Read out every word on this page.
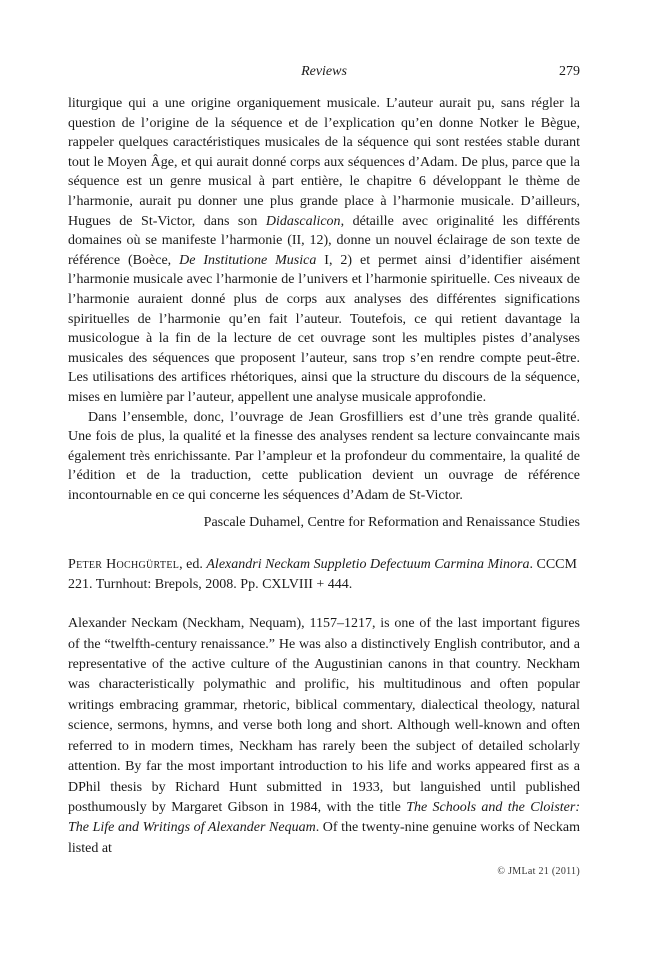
Reviews	279

liturgique qui a une origine organiquement musicale. L’auteur aurait pu, sans régler la question de l’origine de la séquence et de l’explication qu’en donne Notker le Bègue, rappeler quelques caractéristiques musicales de la séquence qui sont restées stable durant tout le Moyen Âge, et qui aurait donné corps aux séquences d’Adam. De plus, parce que la séquence est un genre musical à part entière, le chapitre 6 développant le thème de l’harmonie, aurait pu donner une plus grande place à l’harmonie musicale. D’ailleurs, Hugues de St-Victor, dans son Didascalicon, détaille avec originalité les différents domaines où se manifeste l’harmonie (II, 12), donne un nouvel éclairage de son texte de référence (Boèce, De Institutione Musica I, 2) et permet ainsi d’identifier aisément l’harmonie musicale avec l’harmonie de l’univers et l’harmonie spirituelle. Ces niveaux de l’harmonie auraient donné plus de corps aux analyses des différentes significations spirituelles de l’harmonie qu’en fait l’auteur. Toutefois, ce qui retient davantage la musicologue à la fin de la lecture de cet ouvrage sont les multiples pistes d’analyses musicales des séquences que proposent l’auteur, sans trop s’en rendre compte peut-être. Les utilisations des artifices rhétoriques, ainsi que la structure du discours de la séquence, mises en lumière par l’auteur, appellent une analyse musicale approfondie.

Dans l’ensemble, donc, l’ouvrage de Jean Grosfilliers est d’une très grande qualité. Une fois de plus, la qualité et la finesse des analyses rendent sa lecture convaincante mais également très enrichissante. Par l’ampleur et la profondeur du commentaire, la qualité de l’édition et de la traduction, cette publication devient un ouvrage de référence incontournable en ce qui concerne les séquences d’Adam de St-Victor.

Pascale Duhamel, Centre for Reformation and Renaissance Studies

Peter Hochgürtel, ed. Alexandri Neckam Suppletio Defectuum Carmina Minora. CCCM 221. Turnhout: Brepols, 2008. Pp. CXLVIII + 444.

Alexander Neckam (Neckham, Nequam), 1157–1217, is one of the last important figures of the “twelfth-century renaissance.” He was also a distinctively English contributor, and a representative of the active culture of the Augustinian canons in that country. Neckham was characteristically polymathic and prolific, his multitudinous and often popular writings embracing grammar, rhetoric, biblical commentary, dialectical theology, natural science, sermons, hymns, and verse both long and short. Although well-known and often referred to in modern times, Neckham has rarely been the subject of detailed scholarly attention. By far the most important introduction to his life and works appeared first as a DPhil thesis by Richard Hunt submitted in 1933, but languished until published posthumously by Margaret Gibson in 1984, with the title The Schools and the Cloister: The Life and Writings of Alexander Nequam. Of the twenty-nine genuine works of Neckam listed at

© JMLat 21 (2011)
